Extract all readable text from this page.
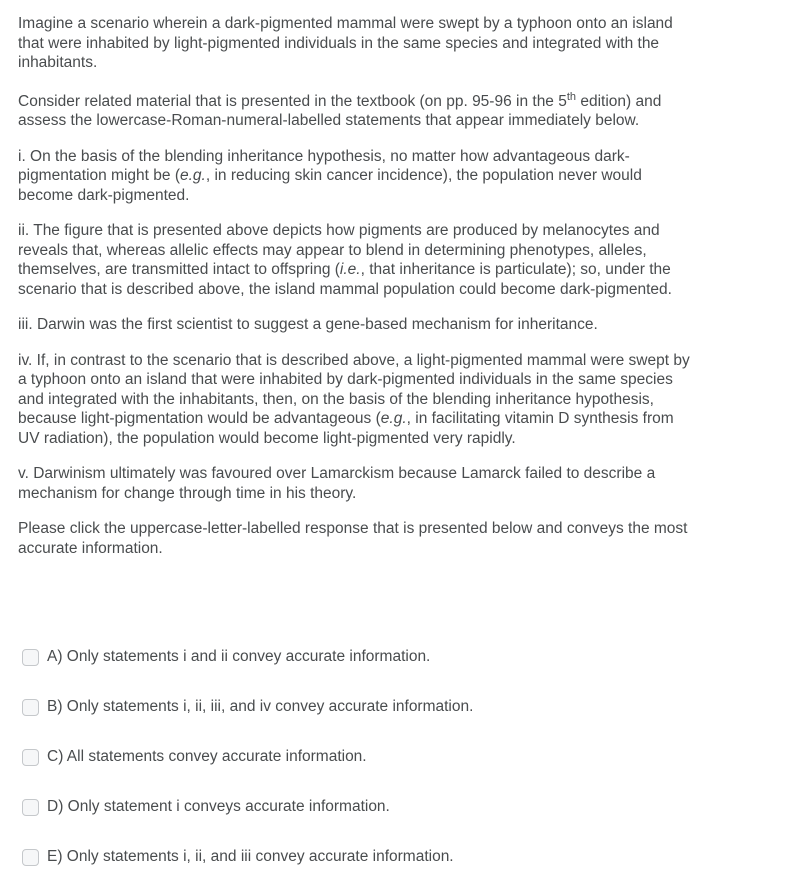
Imagine a scenario wherein a dark-pigmented mammal were swept by a typhoon onto an island that were inhabited by light-pigmented individuals in the same species and integrated with the inhabitants.

Consider related material that is presented in the textbook (on pp. 95-96 in the 5th edition) and assess the lowercase-Roman-numeral-labelled statements that appear immediately below.

i. On the basis of the blending inheritance hypothesis, no matter how advantageous dark-pigmentation might be (e.g., in reducing skin cancer incidence), the population never would become dark-pigmented.

ii. The figure that is presented above depicts how pigments are produced by melanocytes and reveals that, whereas allelic effects may appear to blend in determining phenotypes, alleles, themselves, are transmitted intact to offspring (i.e., that inheritance is particulate); so, under the scenario that is described above, the island mammal population could become dark-pigmented.

iii. Darwin was the first scientist to suggest a gene-based mechanism for inheritance.

iv. If, in contrast to the scenario that is described above, a light-pigmented mammal were swept by a typhoon onto an island that were inhabited by dark-pigmented individuals in the same species and integrated with the inhabitants, then, on the basis of the blending inheritance hypothesis, because light-pigmentation would be advantageous (e.g., in facilitating vitamin D synthesis from UV radiation), the population would become light-pigmented very rapidly.

v. Darwinism ultimately was favoured over Lamarckism because Lamarck failed to describe a mechanism for change through time in his theory.

Please click the uppercase-letter-labelled response that is presented below and conveys the most accurate information.

A) Only statements i and ii convey accurate information.
B) Only statements i, ii, iii, and iv convey accurate information.
C) All statements convey accurate information.
D) Only statement i conveys accurate information.
E) Only statements i, ii, and iii convey accurate information.
